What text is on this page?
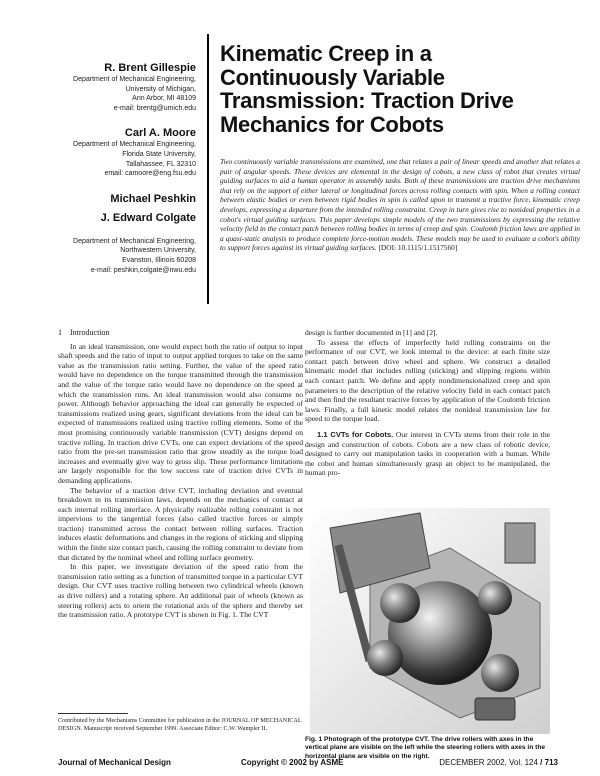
R. Brent Gillespie

Department of Mechanical Engineering,

University of Michigan,

Ann Arbor, MI 48109

e-mail: brentg@umich.edu

Carl A. Moore

Department of Mechanical Engineering,

Florida State University,

Tallahassee, FL 32310

email: camoore@eng.fsu.edu

Michael Peshkin

J. Edward Colgate

Department of Mechanical Engineering,

Northwestern University,

Evanston, Illinois 60208

e-mail: peshkin,colgate@nwu.edu

Kinematic Creep in a
Continuously Variable
Transmission: Traction Drive
Mechanics for Cobots

Two continuously variable transmissions are examined, one that relates a pair of linear speeds and another that relates a pair of angular speeds. These devices are elemental in the design of cobots, a new class of robot that creates virtual guiding surfaces to aid a human operator in assembly tasks. Both of these transmissions are traction drive mechanisms that rely on the support of either lateral or longitudinal forces across rolling contacts with spin. When a rolling contact between elastic bodies or even between rigid bodies in spin is called upon to transmit a tractive force, kinematic creep develops, expressing a departure from the intended rolling constraint. Creep in turn gives rise to nonideal properties in a cobot's virtual guiding surfaces. This paper develops simple models of the two transmissions by expressing the relative velocity field in the contact patch between rolling bodies in terms of creep and spin. Coulomb friction laws are applied in a quasi-static analysis to produce complete force-motion models. These models may be used to evaluate a cobot's ability to support forces against its virtual guiding surfaces. [DOI: 10.1115/1.1517560]

1 Introduction

In an ideal transmission, one would expect both the ratio of output to input shaft speeds and the ratio of input to output applied torques to take on the same value as the transmission ratio setting. Further, the value of the speed ratio would have no dependence on the torque transmitted through the transmission and the value of the torque ratio would have no dependence on the speed at which the transmission runs. An ideal transmission would also consume no power. Although behavior approaching the ideal can generally be expected of transmissions realized using gears, significant deviations from the ideal can be expected of transmissions realized using tractive rolling elements. Some of the most promising continuously variable transmission (CVT) designs depend on tractive rolling. In traction drive CVTs, one can expect deviations of the speed ratio from the pre-set transmission ratio that grow steadily as the torque load increases and eventually give way to gross slip. These performance limitations are largely responsible for the low success rate of traction drive CVTs in demanding applications.

The behavior of a traction drive CVT, including deviation and eventual breakdown in its transmission laws, depends on the mechanics of contact at each internal rolling interface. A physically realizable rolling constraint is not impervious to the tangential forces (also called tractive forces or simply traction) transmitted across the contact between rolling surfaces. Traction induces elastic deformations and changes in the regions of sticking and slipping within the finite size contact patch, causing the rolling constraint to deviate from that dictated by the nominal wheel and rolling surface geometry.

In this paper, we investigate deviation of the speed ratio from the transmission ratio setting as a function of transmitted torque in a particular CVT design. Our CVT uses tractive rolling between two cylindrical wheels (known as drive rollers) and a rotating sphere. An additional pair of wheels (known as steering rollers) acts to orient the rotational axis of the sphere and thereby set the transmission ratio. A prototype CVT is shown in Fig. 1. The CVT

design is further documented in [1] and [2].

To assess the effects of imperfectly held rolling constraints on the performance of our CVT, we look internal to the device: at each finite size contact patch between drive wheel and sphere. We construct a detailed kinematic model that includes rolling (sticking) and slipping regions within each contact patch. We define and apply nondimensionalized creep and spin parameters to the description of the relative velocity field in each contact patch and then find the resultant tractive forces by application of the Coulomb friction laws. Finally, a full kinetic model relates the nonideal transmission law for speed to the torque load.

1.1 CVTs for Cobots. Our interest in CVTs stems from their role in the design and construction of cobots. Cobots are a new class of robotic device, designed to carry out manipulation tasks in cooperation with a human. While the cobot and human simultaneously grasp an object to be manipulated, the human pro-

Fig. 1 Photograph of the prototype CVT. The drive rollers with axes in the vertical plane are visible on the left while the steering rollers with axes in the horizontal plane are visible on the right.

Contributed by the Mechanisms Committee for publication in the JOURNAL OF MECHANICAL DESIGN. Manuscript received September 1999. Associate Editor: C.W. Wampler II.

Journal of Mechanical Design	Copyright © 2002 by ASME	DECEMBER 2002, Vol. 124 / 713
